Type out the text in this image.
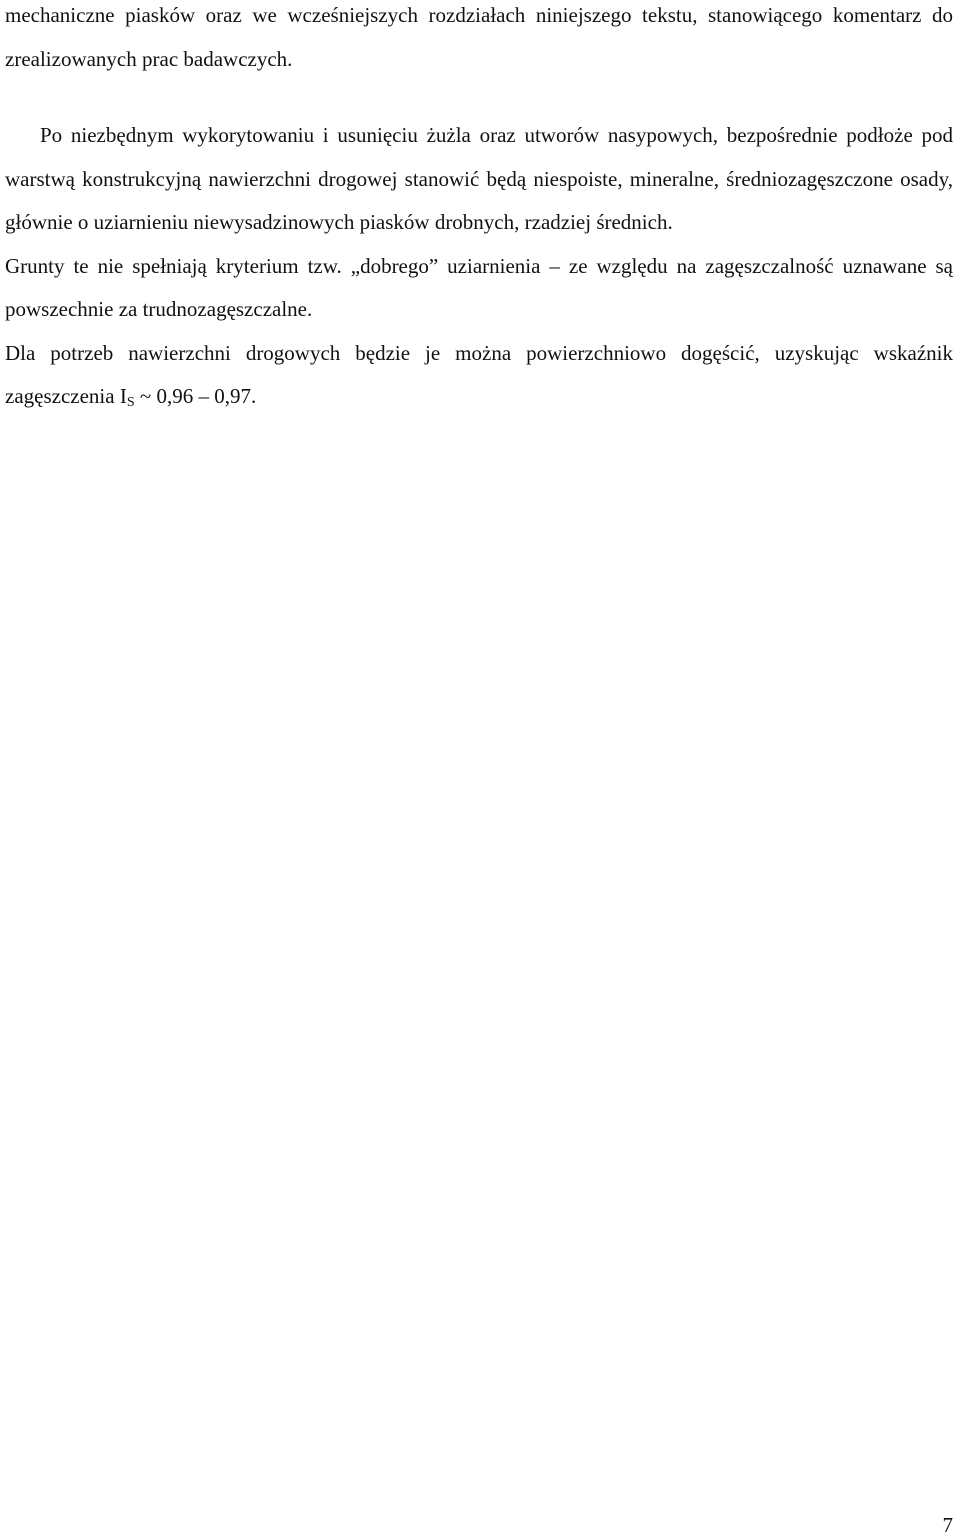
mechaniczne piasków oraz we wcześniejszych rozdziałach niniejszego tekstu, stanowiącego komentarz do zrealizowanych prac badawczych.

Po niezbędnym wykorytowaniu i usunięciu żużla oraz utworów nasypowych, bezpośrednie podłoże pod warstwą konstrukcyjną nawierzchni drogowej stanowić będą niespoiste, mineralne, średniozagęszczone osady, głównie o uziarnieniu niewysadzinowych piasków drobnych, rzadziej średnich.

Grunty te nie spełniają kryterium tzw. „dobrego” uziarnienia – ze względu na zagęszczalność uznawane są powszechnie za trudnozagęszczalne.

Dla potrzeb nawierzchni drogowych będzie je można powierzchniowo dogęścić, uzyskując wskaźnik zagęszczenia $I_S$ ~ 0,96 – 0,97.

7
